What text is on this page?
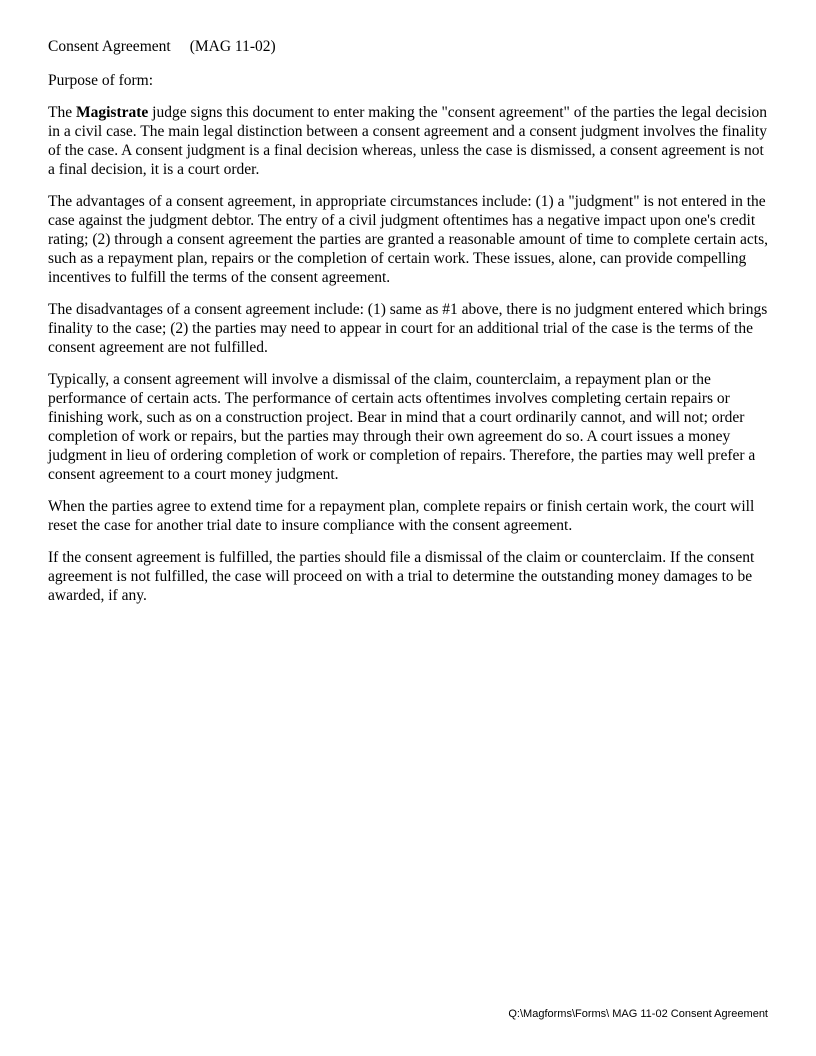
Consent Agreement (MAG 11-02)

Purpose of form:

The Magistrate judge signs this document to enter making the "consent agreement" of the parties the legal decision in a civil case. The main legal distinction between a consent agreement and a consent judgment involves the finality of the case. A consent judgment is a final decision whereas, unless the case is dismissed, a consent agreement is not a final decision, it is a court order.

The advantages of a consent agreement, in appropriate circumstances include: (1) a "judgment" is not entered in the case against the judgment debtor. The entry of a civil judgment oftentimes has a negative impact upon one's credit rating; (2) through a consent agreement the parties are granted a reasonable amount of time to complete certain acts, such as a repayment plan, repairs or the completion of certain work. These issues, alone, can provide compelling incentives to fulfill the terms of the consent agreement.

The disadvantages of a consent agreement include: (1) same as #1 above, there is no judgment entered which brings finality to the case; (2) the parties may need to appear in court for an additional trial of the case is the terms of the consent agreement are not fulfilled.

Typically, a consent agreement will involve a dismissal of the claim, counterclaim, a repayment plan or the performance of certain acts. The performance of certain acts oftentimes involves completing certain repairs or finishing work, such as on a construction project. Bear in mind that a court ordinarily cannot, and will not; order completion of work or repairs, but the parties may through their own agreement do so. A court issues a money judgment in lieu of ordering completion of work or completion of repairs. Therefore, the parties may well prefer a consent agreement to a court money judgment.

When the parties agree to extend time for a repayment plan, complete repairs or finish certain work, the court will reset the case for another trial date to insure compliance with the consent agreement.

If the consent agreement is fulfilled, the parties should file a dismissal of the claim or counterclaim. If the consent agreement is not fulfilled, the case will proceed on with a trial to determine the outstanding money damages to be awarded, if any.

Q:\Magforms\Forms\ MAG 11-02 Consent Agreement
